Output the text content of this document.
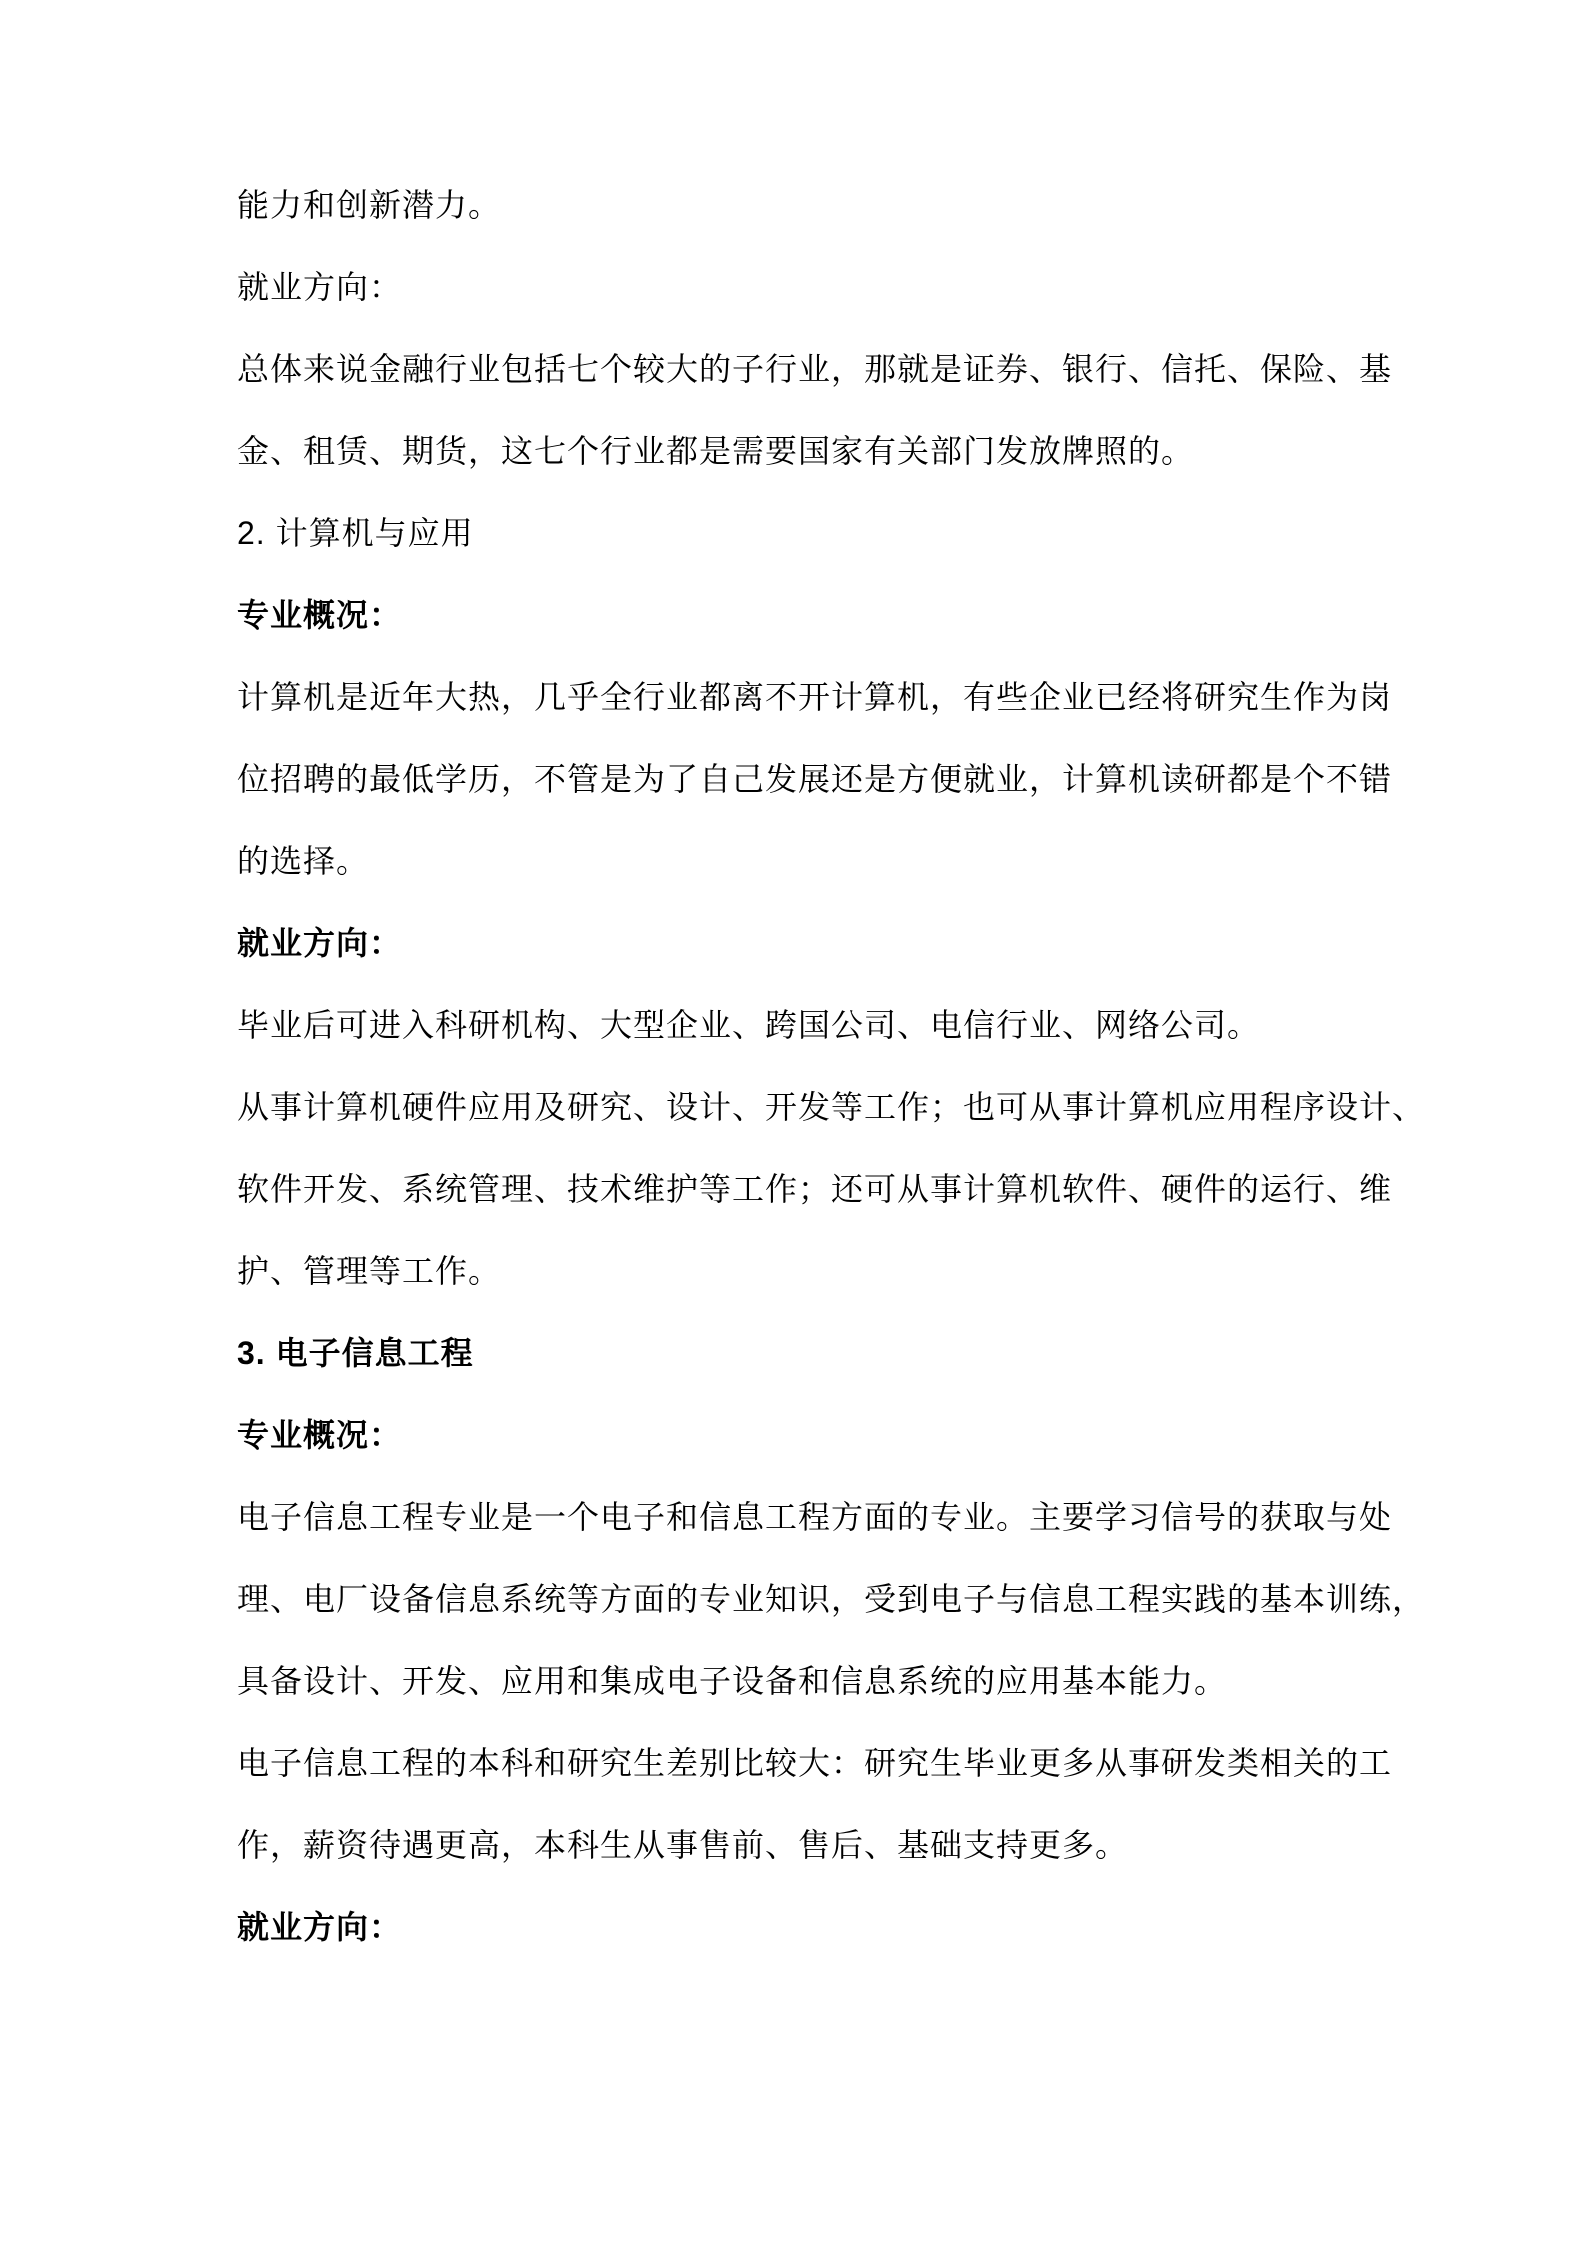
能力和创新潜力。

就业方向：

总体来说金融行业包括七个较大的子行业，那就是证券、银行、信托、保险、基

金、租赁、期货，这七个行业都是需要国家有关部门发放牌照的。

2. 计算机与应用

专业概况：

计算机是近年大热，几乎全行业都离不开计算机，有些企业已经将研究生作为岗

位招聘的最低学历，不管是为了自己发展还是方便就业，计算机读研都是个不错

的选择。

就业方向：

毕业后可进入科研机构、大型企业、跨国公司、电信行业、网络公司。

从事计算机硬件应用及研究、设计、开发等工作；也可从事计算机应用程序设计、

软件开发、系统管理、技术维护等工作；还可从事计算机软件、硬件的运行、维

护、管理等工作。

3. 电子信息工程

专业概况：

电子信息工程专业是一个电子和信息工程方面的专业。主要学习信号的获取与处

理、电厂设备信息系统等方面的专业知识，受到电子与信息工程实践的基本训练，

具备设计、开发、应用和集成电子设备和信息系统的应用基本能力。

电子信息工程的本科和研究生差别比较大：研究生毕业更多从事研发类相关的工

作，薪资待遇更高，本科生从事售前、售后、基础支持更多。

就业方向：
